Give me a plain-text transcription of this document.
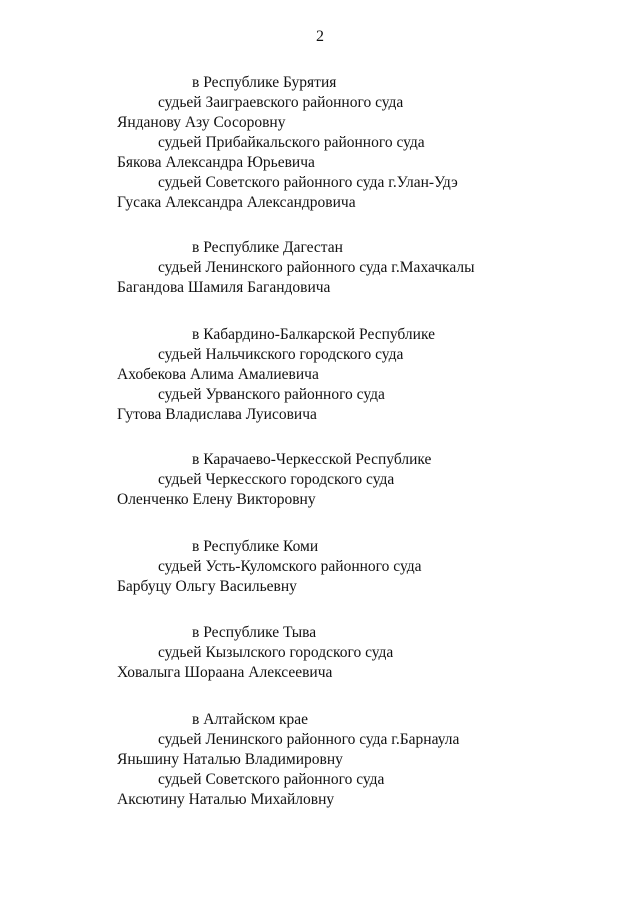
2
в Республике Бурятия
судьей Заиграевского районного суда
Янданову Азу Сосоровну
судьей Прибайкальского районного суда
Бякова Александра Юрьевича
судьей Советского районного суда г.Улан-Удэ
Гусака Александра Александровича
в Республике Дагестан
судьей Ленинского районного суда г.Махачкалы
Багандова Шамиля Багандовича
в Кабардино-Балкарской Республике
судьей Нальчикского городского суда
Ахобекова Алима Амалиевича
судьей Урванского районного суда
Гутова Владислава Луисовича
в Карачаево-Черкесской Республике
судьей Черкесского городского суда
Оленченко Елену Викторовну
в Республике Коми
судьей Усть-Куломского районного суда
Барбуцу Ольгу Васильевну
в Республике Тыва
судьей Кызылского городского суда
Ховалыга Шораана Алексеевича
в Алтайском крае
судьей Ленинского районного суда г.Барнаула
Яньшину Наталью Владимировну
судьей Советского районного суда
Аксютину Наталью Михайловну
